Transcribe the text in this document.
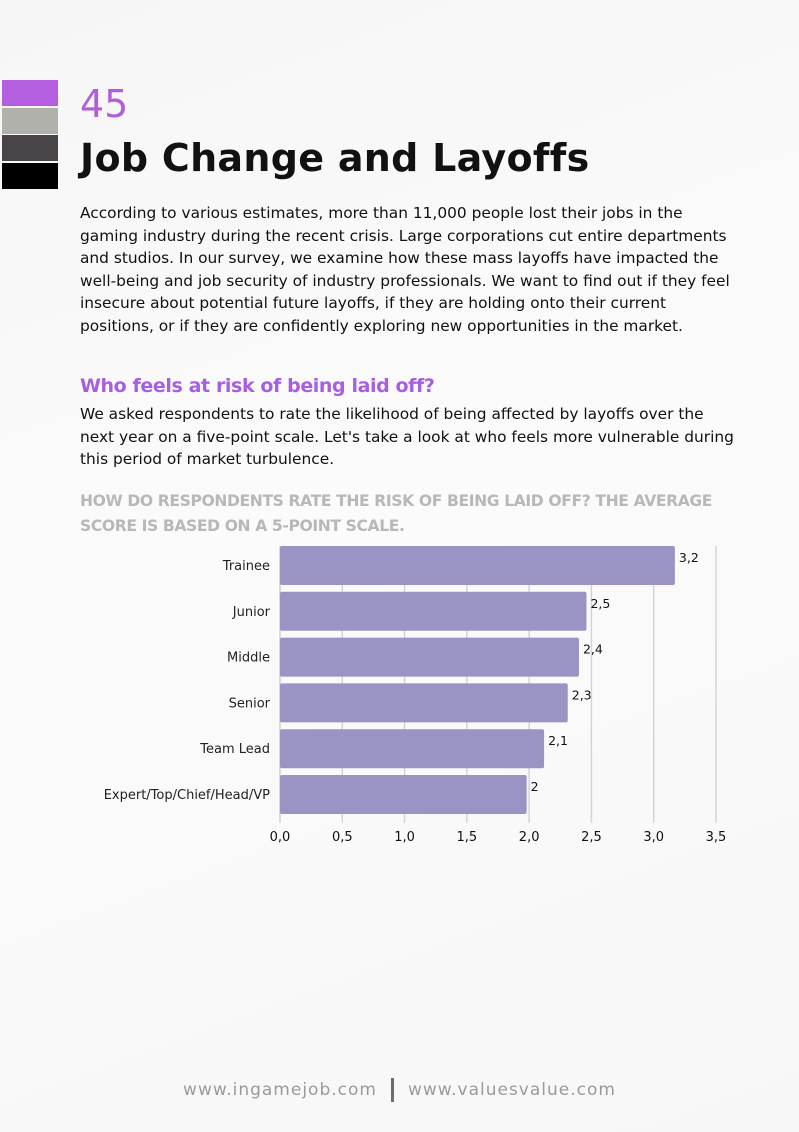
45
Job Change and Layoffs

According to various estimates, more than 11,000 people lost their jobs in the gaming industry during the recent crisis. Large corporations cut entire departments and studios. In our survey, we examine how these mass layoffs have impacted the well-being and job security of industry professionals. We want to find out if they feel insecure about potential future layoffs, if they are holding onto their current positions, or if they are confidently exploring new opportunities in the market.

Who feels at risk of being laid off?

We asked respondents to rate the likelihood of being affected by layoffs over the next year on a five-point scale. Let's take a look at who feels more vulnerable during this period of market turbulence.

HOW DO RESPONDENTS RATE THE RISK OF BEING LAID OFF? THE AVERAGE SCORE IS BASED ON A 5-POINT SCALE.
0,0	0,5	1,0	1,5	2,0	2,5	3,0	3,5
Trainee
3,2
Junior
2,5
Middle
2,4
Senior
2,3
Team Lead
2,1
Expert/Top/Chief/Head/VP
2
www.ingamejob.com www.valuesvalue.com
